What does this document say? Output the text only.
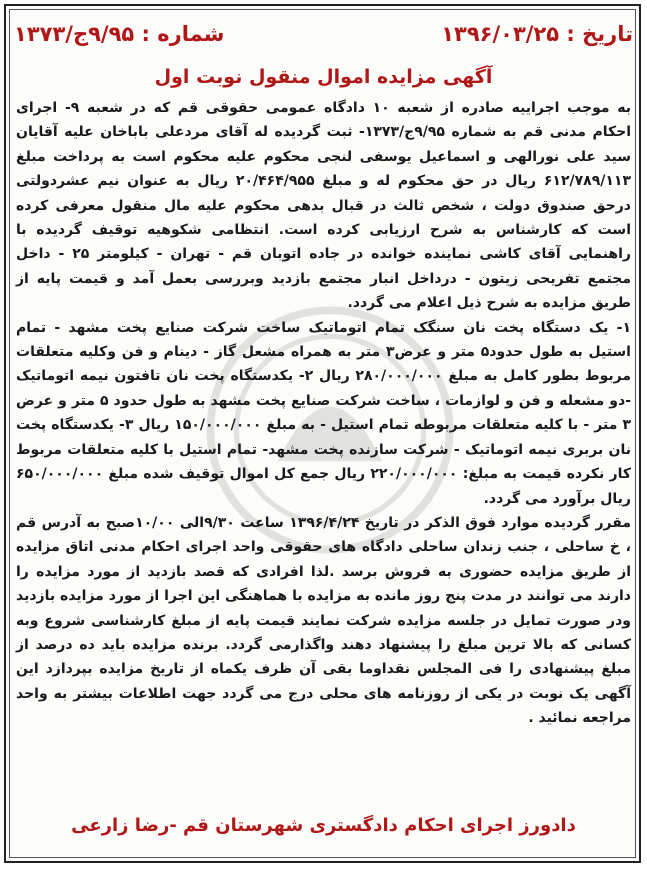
تاریخ : ۱۳۹۶/۰۳/۲۵
شماره : ۹/۹۵ج/۱۳۷۳
آگهی مزایده اموال منقول نوبت اول

به موجب اجراییه صادره از شعبه ۱۰ دادگاه عمومی حقوقی قم که در شعبه ۹- اجرای احکام مدنی قم به شماره ۹/۹۵ج/۱۳۷۳- ثبت گردیده له آقای مردعلی باباخان علیه آقایان سید علی نورالهی و اسماعیل یوسفی لنجی محکوم علیه محکوم است به پرداخت مبلغ ۶۱۲/۷۸۹/۱۱۳ ریال در حق محکوم له و مبلغ ۲۰/۴۶۴/۹۵۵ ریال به عنوان نیم عشردولتی درحق صندوق دولت ، شخص ثالث در قبال بدهی محکوم علیه مال منقول معرفی کرده است که کارشناس به شرح ارزیابی کرده است. انتظامی شکوهیه توقیف گردیده با راهنمایی آقای کاشی نماینده خوانده در جاده اتوبان قم - تهران - کیلومتر ۲۵ - داخل مجتمع تفریحی زیتون - درداخل انبار مجتمع بازدید وبررسی بعمل آمد و قیمت پایه از طریق مزایده به شرح ذیل اعلام می گردد.

۱- یک دستگاه پخت نان سنگک تمام اتوماتیک ساخت شرکت صنایع پخت مشهد - تمام استیل به طول حدود۵ متر و عرض۳ متر به همراه مشعل گاز - دینام و فن وکلیه متعلقات مربوط بطور کامل به مبلغ ۲۸۰/۰۰۰/۰۰۰ ریال ۲- یکدستگاه پخت نان تافتون نیمه اتوماتیک -دو مشعله و فن و لوازمات ، ساخت شرکت صنایع پخت مشهد به طول حدود ۵ متر و عرض ۳ متر - با کلیه متعلقات مربوطه تمام استیل - به مبلغ ۱۵۰/۰۰۰/۰۰۰ ریال ۳- یکدستگاه پخت نان بربری نیمه اتوماتیک - شرکت سازنده پخت مشهد- تمام استیل با کلیه متعلقات مربوط کار نکرده قیمت به مبلغ: ۲۲۰/۰۰۰/۰۰۰ ریال جمع کل اموال توقیف شده مبلغ ۶۵۰/۰۰۰/۰۰۰ ریال برآورد می گردد.

مقرر گردیده موارد فوق الذکر در تاریخ ۱۳۹۶/۴/۲۴ ساعت ۹/۳۰الی ۱۰/۰۰صبح به آدرس قم ، خ ساحلی ، جنب زندان ساحلی دادگاه های حقوقی واحد اجرای احکام مدنی اتاق مزایده از طریق مزایده حضوری به فروش برسد .لذا افرادی که قصد بازدید از مورد مزایده را دارند می توانند در مدت پنج روز مانده به مزایده با هماهنگی این اجرا از مورد مزایده بازدید ودر صورت تمایل در جلسه مزایده شرکت نمایند قیمت پایه از مبلغ کارشناسی شروع وبه کسانی که بالا ترین مبلغ را پیشنهاد دهند واگذارمی گردد. برنده مزایده باید ده درصد از مبلغ پیشنهادی را فی المجلس نقداوما بقی آن ظرف یکماه از تاریخ مزایده بپردازد این آگهی یک نوبت در یکی از روزنامه های محلی درج می گردد جهت اطلاعات بیشتر به واحد مراجعه نمائید .

دادورز اجرای احکام دادگستری شهرستان قم -رضا زارعی
